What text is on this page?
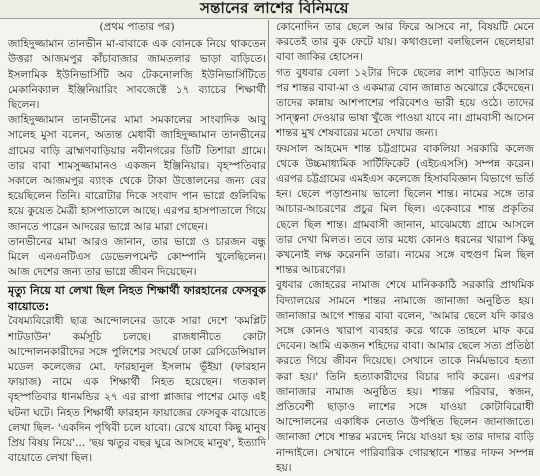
সন্তানের লাশের বিনিময়ে

(প্রথম পাতার পর)

জাহিদুজ্জামান তানভীন মা-বাবাকে এক বোনকে নিয়ে থাকতেন উত্তরা আজমপুর কাঁচাবাজার জামতলার ভাড়া বাড়িতে। ইসলামিক ইউনিভার্সিটি অব টেকনোলজি ইউনিভার্সিটিতে মেকানিক্যাল ইঞ্জিনিয়ারিং সাবজেক্টে ১৭ ব্যাচের শিক্ষার্থী ছিলেন।

জাহিদুজ্জামান তানভীনের মামা সমকালের সাংবাদিক আবু সালেহ মুসা বলেন, অত্যন্ত মেধাবী জাহিদুজ্জামান তানভীনের গ্রামের বাড়ি ব্রাহ্মণবাড়িয়ার নবীনগরের ডিটি তিশারা গ্রামে। তার বাবা শামসুজ্জামানও একজন ইঞ্জিনিয়ার। বৃহস্পতিবার সকালে আজমপুর ব্যাংক থেকে টাকা উত্তোলনের জন্য বের হয়েছিলেন তিনি। বারোটার দিকে সংবাদ পান ভাগ্নে গুলিবিদ্ধ হয়ে কুয়েত মৈত্রী হাসপাতালে আছে। এরপর হাসপাতালে গিয়ে জানতে পারেন আদরের ভাগ্নে আর মারা গেছেন।

তানভীনের মামা আরও জানান, তার ভাগ্নে ও চারজন বন্ধু মিলে এনএনটিএস ডেভেলপমেন্ট কোম্পানি খুলেছিলেন। আজ দেশের জন্য তার ভাগ্নে জীবন দিয়েছেন।

মৃত্যু নিয়ে যা লেখা ছিল নিহত শিক্ষার্থী ফারহানের ফেসবুক বায়োতে:

বৈষম্যবিরোধী ছাত্র আন্দোলনের ডাকে সারা দেশে 'কমপ্লিট শাটডাউন' কর্মসূচি চলছে। রাজধানীতে কোটা আন্দোলনকারীদের সঙ্গে পুলিশের সংঘর্ষে ঢাকা রেসিডেন্সিয়াল মডেল কলেজের মো. ফারহানুল ইসলাম ভূঁইয়া (ফারহান ফায়াজ) নামে এক শিক্ষার্থী নিহত হয়েছেন। গতকাল বৃহস্পতিবার ধানমন্ডির ২৭ এর রাপা প্লাজার পাশের মোড় এই ঘটনা ঘটে। নিহত শিক্ষার্থী ফারহান ফায়াজের ফেসবুক বায়োতে লেখা ছিল- 'একদিন পৃথিবী চলে যাবো। রেখে যাবো কিছু মানুষ প্রিয় বিষয় নিয়ে'... 'ছয় ঋতুর বছর ঘুরে আসছে মানুষ', ইত্যাদি বায়োতে লেখা ছিল।

কোনোদিন তার ছেলে আর ফিরে আসবে না, বিষয়টি মেনে করতেই তার বুক ফেটে যায়। কথাগুলো বলছিলেন ছেলেহারা বাবা জাকির হোসেন।

গত বুধবার বেলা ১২টার দিকে ছেলের লাশ বাড়িতে আসার পর শান্তর বাবা-মা ও একমাত্র বোন জান্নাত অঝোরে কেঁদেছেন। তাদের কান্নায় আশপাশের পরিবেশও ভারী হয়ে ওঠে। তাদের সান্ত্বনা দেওয়ার ভাষা খুঁজে পাওয়া যাবে না। গ্রামবাসী আসেন শান্তর মুখ শেষবারের মতো দেখার জন্য।

ফয়সাল আহমেদ শান্ত চট্টগ্রামের বাকলিয়া সরকারি কলেজ থেকে উচ্চমাধ্যমিক সার্টিফিকেট (এইচএসসি) সম্পন্ন করেন। এরপর চট্টগ্রামের এমইএস কলেজে হিসাববিজ্ঞান বিভাগে ভর্তি হন। ছেলে পড়াশুনায় ভালো ছিলেন শান্ত। নামের সঙ্গে তার আচার-আচরণের প্রচুর মিল ছিল। একেবারে শান্ত প্রকৃতির ছেলে ছিল শান্ত। গ্রামবাসী জানান, মাঝেমধ্যে গ্রামে আসলে তার দেখা মিলত। তবে তার মধ্যে কোনও ধরনের খারাপ কিছু কখনোই লক্ষ করেননি তারা। নামের সঙ্গে বহুগুণ মিল ছিল শান্তর আচরণের।

বুধবার জোহরের নামাজ শেষে মানিককাঠি সরকারি প্রাথমিক বিদ্যালয়ের সামনে শান্তর নামাজে জানাজা অনুষ্ঠিত হয়। জানাজার আগে শান্তর বাবা বলেন, 'আমার ছেলে যদি কারও সঙ্গে কোনও খারাপ ব্যবহার করে থাকে তাহলে মাফ করে দেবেন। আমি একজন শহিদের বাবা। আমার ছেলে সত্য প্রতিষ্ঠা করতে গিয়ে জীবন দিয়েছে। সেখানে তাকে নির্মমভাবে হত্যা করা হয়।' তিনি হত্যাকারীদের বিচার দাবি করেন। এরপর জানাজার নামাজ অনুষ্ঠিত হয়। শান্তর পরিবার, স্বজন, প্রতিবেশী ছাড়াও লাশের সঙ্গে যাওয়া কোটাবিরোধী আন্দোলনের একাধিক নেতাও উপস্থিত ছিলেন জানাজাতে। জানাজা শেষে শান্তর মরদেহ নিয়ে যাওয়া হয় তার দাদার বাড়ি নান্দাইলে। সেখানে পারিবারিক গোরস্থানে শান্তর দাফন সম্পন্ন হয়।
